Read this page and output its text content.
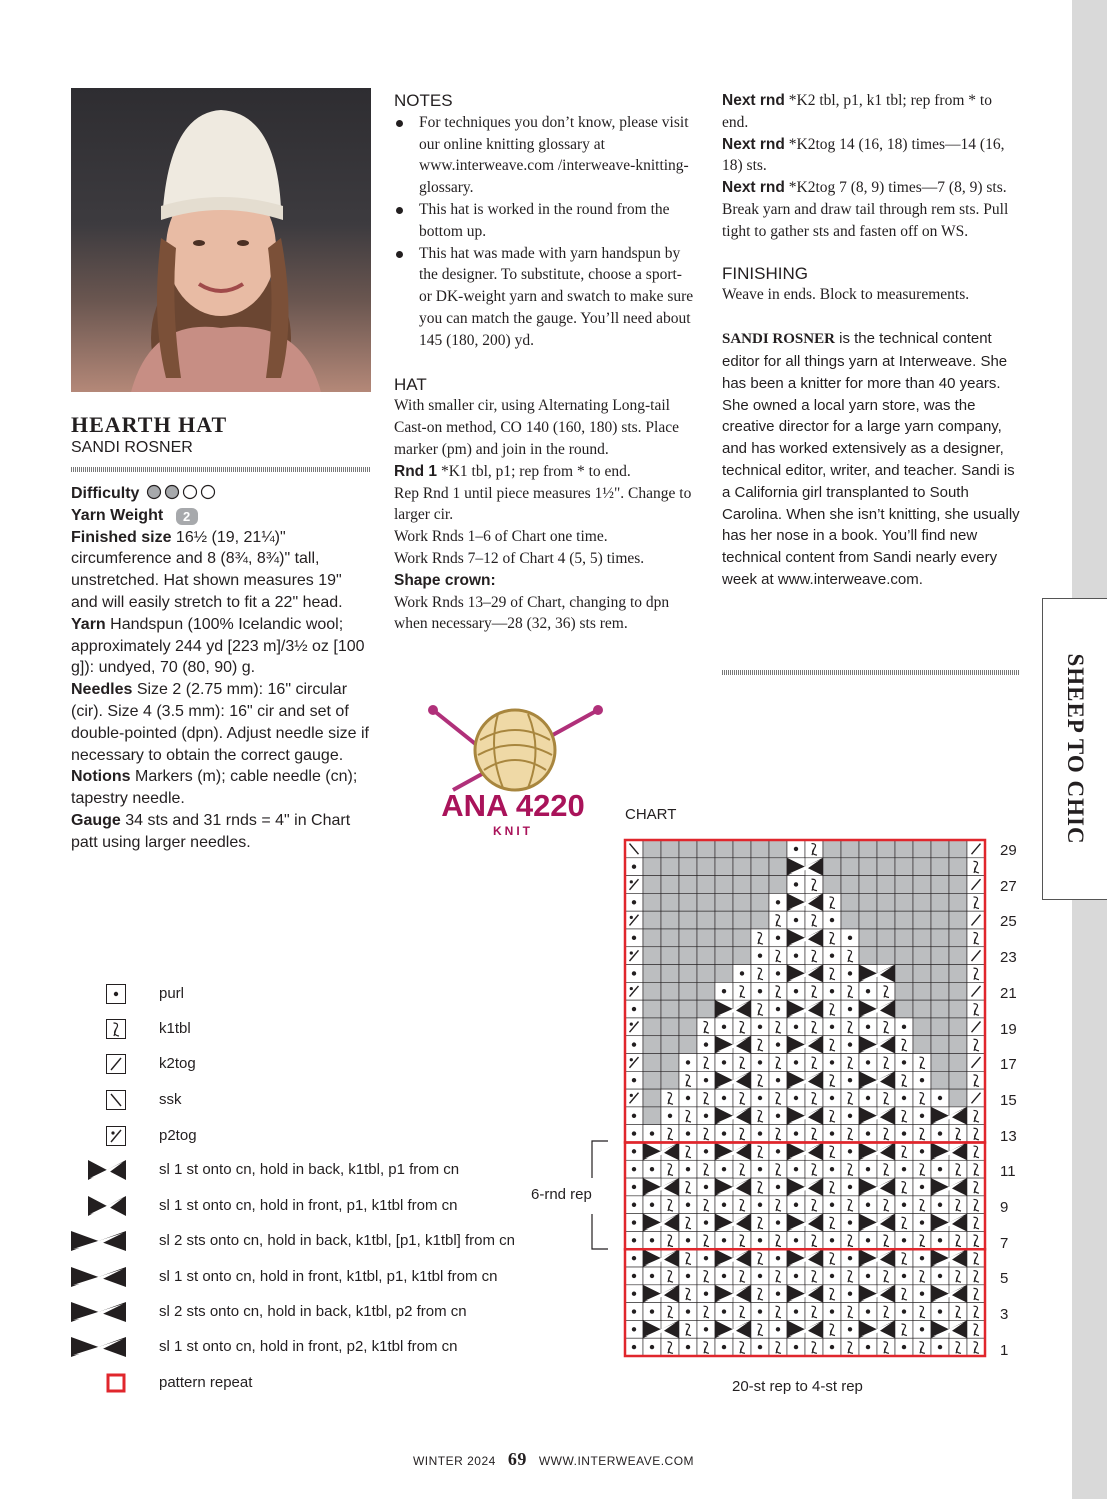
SHEEP TO CHIC
HEARTH HAT
SANDI ROSNER

Difficulty

Yarn Weight 2

Finished size 16½ (19, 21¼)" circumference and 8 (8¾, 8¾)" tall, unstretched. Hat shown measures 19" and will easily stretch to fit a 22" head.

Yarn Handspun (100% Icelandic wool; approximately 244 yd [223 m]/3½ oz [100 g]): undyed, 70 (80, 90) g.

Needles Size 2 (2.75 mm): 16" circular (cir). Size 4 (3.5 mm): 16" cir and set of double-pointed (dpn). Adjust needle size if necessary to obtain the correct gauge.

Notions Markers (m); cable needle (cn); tapestry needle.

Gauge 34 sts and 31 rnds = 4" in Chart patt using larger needles.

NOTES

For techniques you don’t know, please visit our online knitting glossary at www.interweave.com /interweave-knitting-glossary.
This hat is worked in the round from the bottom up.
This hat was made with yarn handspun by the designer. To substitute, choose a sport- or DK-weight yarn and swatch to make sure you can match the gauge. You’ll need about 145 (180, 200) yd.

HAT

With smaller cir, using Alternating Long-tail Cast-on method, CO 140 (160, 180) sts. Place marker (pm) and join in the round.

Rnd 1 *K1 tbl, p1; rep from * to end.

Rep Rnd 1 until piece measures 1½". Change to larger cir.

Work Rnds 1–6 of Chart one time.

Work Rnds 7–12 of Chart 4 (5, 5) times.

Shape crown:

Work Rnds 13–29 of Chart, changing to dpn when necessary—28 (32, 36) sts rem.

Next rnd *K2 tbl, p1, k1 tbl; rep from * to end.

Next rnd *K2tog 14 (16, 18) times—14 (16, 18) sts.

Next rnd *K2tog 7 (8, 9) times—7 (8, 9) sts.

Break yarn and draw tail through rem sts. Pull tight to gather sts and fasten off on WS.

FINISHING

Weave in ends. Block to measurements.

SANDI ROSNER is the technical content editor for all things yarn at Interweave. She has been a knitter for more than 40 years. She owned a local yarn store, was the creative director for a large yarn company, and has worked extensively as a designer, technical editor, writer, and teacher. Sandi is a California girl transplanted to South Carolina. When she isn’t knitting, she usually has her nose in a book. You’ll find new technical content from Sandi nearly every week at www.interweave.com.

ANA 4220
KNIT
purl
k1tbl
k2tog
ssk
p2tog
sl 1 st onto cn, hold in back, k1tbl, p1 from cn
sl 1 st onto cn, hold in front, p1, k1tbl from cn
sl 2 sts onto cn, hold in back, k1tbl, [p1, k1tbl] from cn
sl 1 st onto cn, hold in front, k1tbl, p1, k1tbl from cn
sl 2 sts onto cn, hold in back, k1tbl, p2 from cn
sl 1 st onto cn, hold in front, p2, k1tbl from cn
pattern repeat
CHART
29
27
25
23
21
19
17
15
13
11
9
7
5
3
1
6-rnd rep
20-st rep to 4-st rep
WINTER 2024 69 WWW.INTERWEAVE.COM
